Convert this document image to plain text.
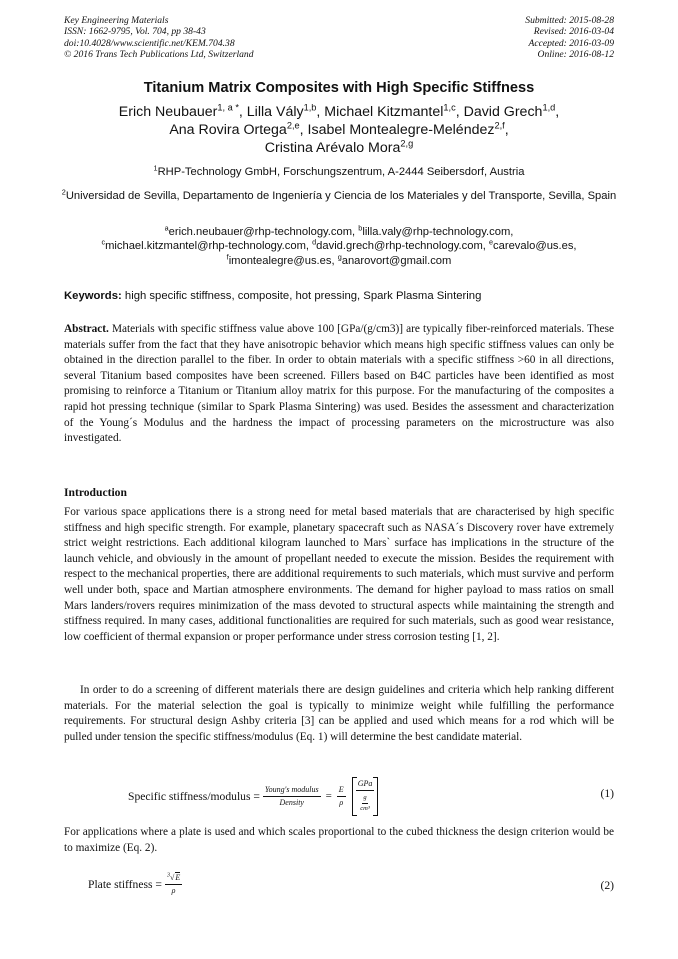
Key Engineering Materials
ISSN: 1662-9795, Vol. 704, pp 38-43
doi:10.4028/www.scientific.net/KEM.704.38
© 2016 Trans Tech Publications Ltd, Switzerland
Submitted: 2015-08-28
Revised: 2016-03-04
Accepted: 2016-03-09
Online: 2016-08-12
Titanium Matrix Composites with High Specific Stiffness
Erich Neubauer$^{1, a *}$, Lilla Vály$^{1,b}$, Michael Kitzmantel$^{1,c}$, David Grech$^{1,d}$,
Ana Rovira Ortega$^{2,e}$, Isabel Montealegre-Meléndez$^{2,f}$,
Cristina Arévalo Mora$^{2,g}$
$^1$RHP-Technology GmbH, Forschungszentrum, A-2444 Seibersdorf, Austria
$^2$Universidad de Sevilla, Departamento de Ingeniería y Ciencia de los Materiales y del Transporte, Sevilla, Spain
$^a$erich.neubauer@rhp-technology.com, $^b$lilla.valy@rhp-technology.com,
$^c$michael.kitzmantel@rhp-technology.com, $^d$david.grech@rhp-technology.com, $^e$carevalo@us.es,
$^f$imontealegre@us.es, $^g$anarovort@gmail.com
Keywords: high specific stiffness, composite, hot pressing, Spark Plasma Sintering
Abstract. Materials with specific stiffness value above 100 [GPa/(g/cm3)] are typically fiber-reinforced materials. These materials suffer from the fact that they have anisotropic behavior which means high specific stiffness values can only be obtained in the direction parallel to the fiber. In order to obtain materials with a specific stiffness >60 in all directions, several Titanium based composites have been screened. Fillers based on B4C particles have been identified as most promising to reinforce a Titanium or Titanium alloy matrix for this purpose. For the manufacturing of the composites a rapid hot pressing technique (similar to Spark Plasma Sintering) was used. Besides the assessment and characterization of the Young´s Modulus and the hardness the impact of processing parameters on the microstructure was also investigated.
Introduction
For various space applications there is a strong need for metal based materials that are characterised by high specific stiffness and high specific strength. For example, planetary spacecraft such as NASA´s Discovery rover have extremely strict weight restrictions. Each additional kilogram launched to Mars` surface has implications in the structure of the launch vehicle, and obviously in the amount of propellant needed to execute the mission. Besides the requirement with respect to the mechanical properties, there are additional requirements to such materials, which must survive and perform well under both, space and Martian atmosphere environments. The demand for higher payload to mass ratios on small Mars landers/rovers requires minimization of the mass devoted to structural aspects while maintaining the strength and stiffness required. In many cases, additional functionalities are required for such materials, such as good wear resistance, low coefficient of thermal expansion or proper performance under stress corrosion testing [1, 2].
In order to do a screening of different materials there are design guidelines and criteria which help ranking different materials. For the material selection the goal is typically to minimize weight while fulfilling the performance requirements. For structural design Ashby criteria [3] can be applied and used which means for a rod which will be pulled under tension the specific stiffness/modulus (Eq. 1) will determine the best candidate material.
Specific stiffness/modulus = $\frac{\text{Young's modulus}}{\text{Density}} = \frac{E}{\rho}$ GPa
g
cm³	(1)
For applications where a plate is used and which scales proportional to the cubed thickness the design criterion would be to maximize (Eq. 2).
Plate stiffness = $\frac{^3√E}{\rho}$	(2)
